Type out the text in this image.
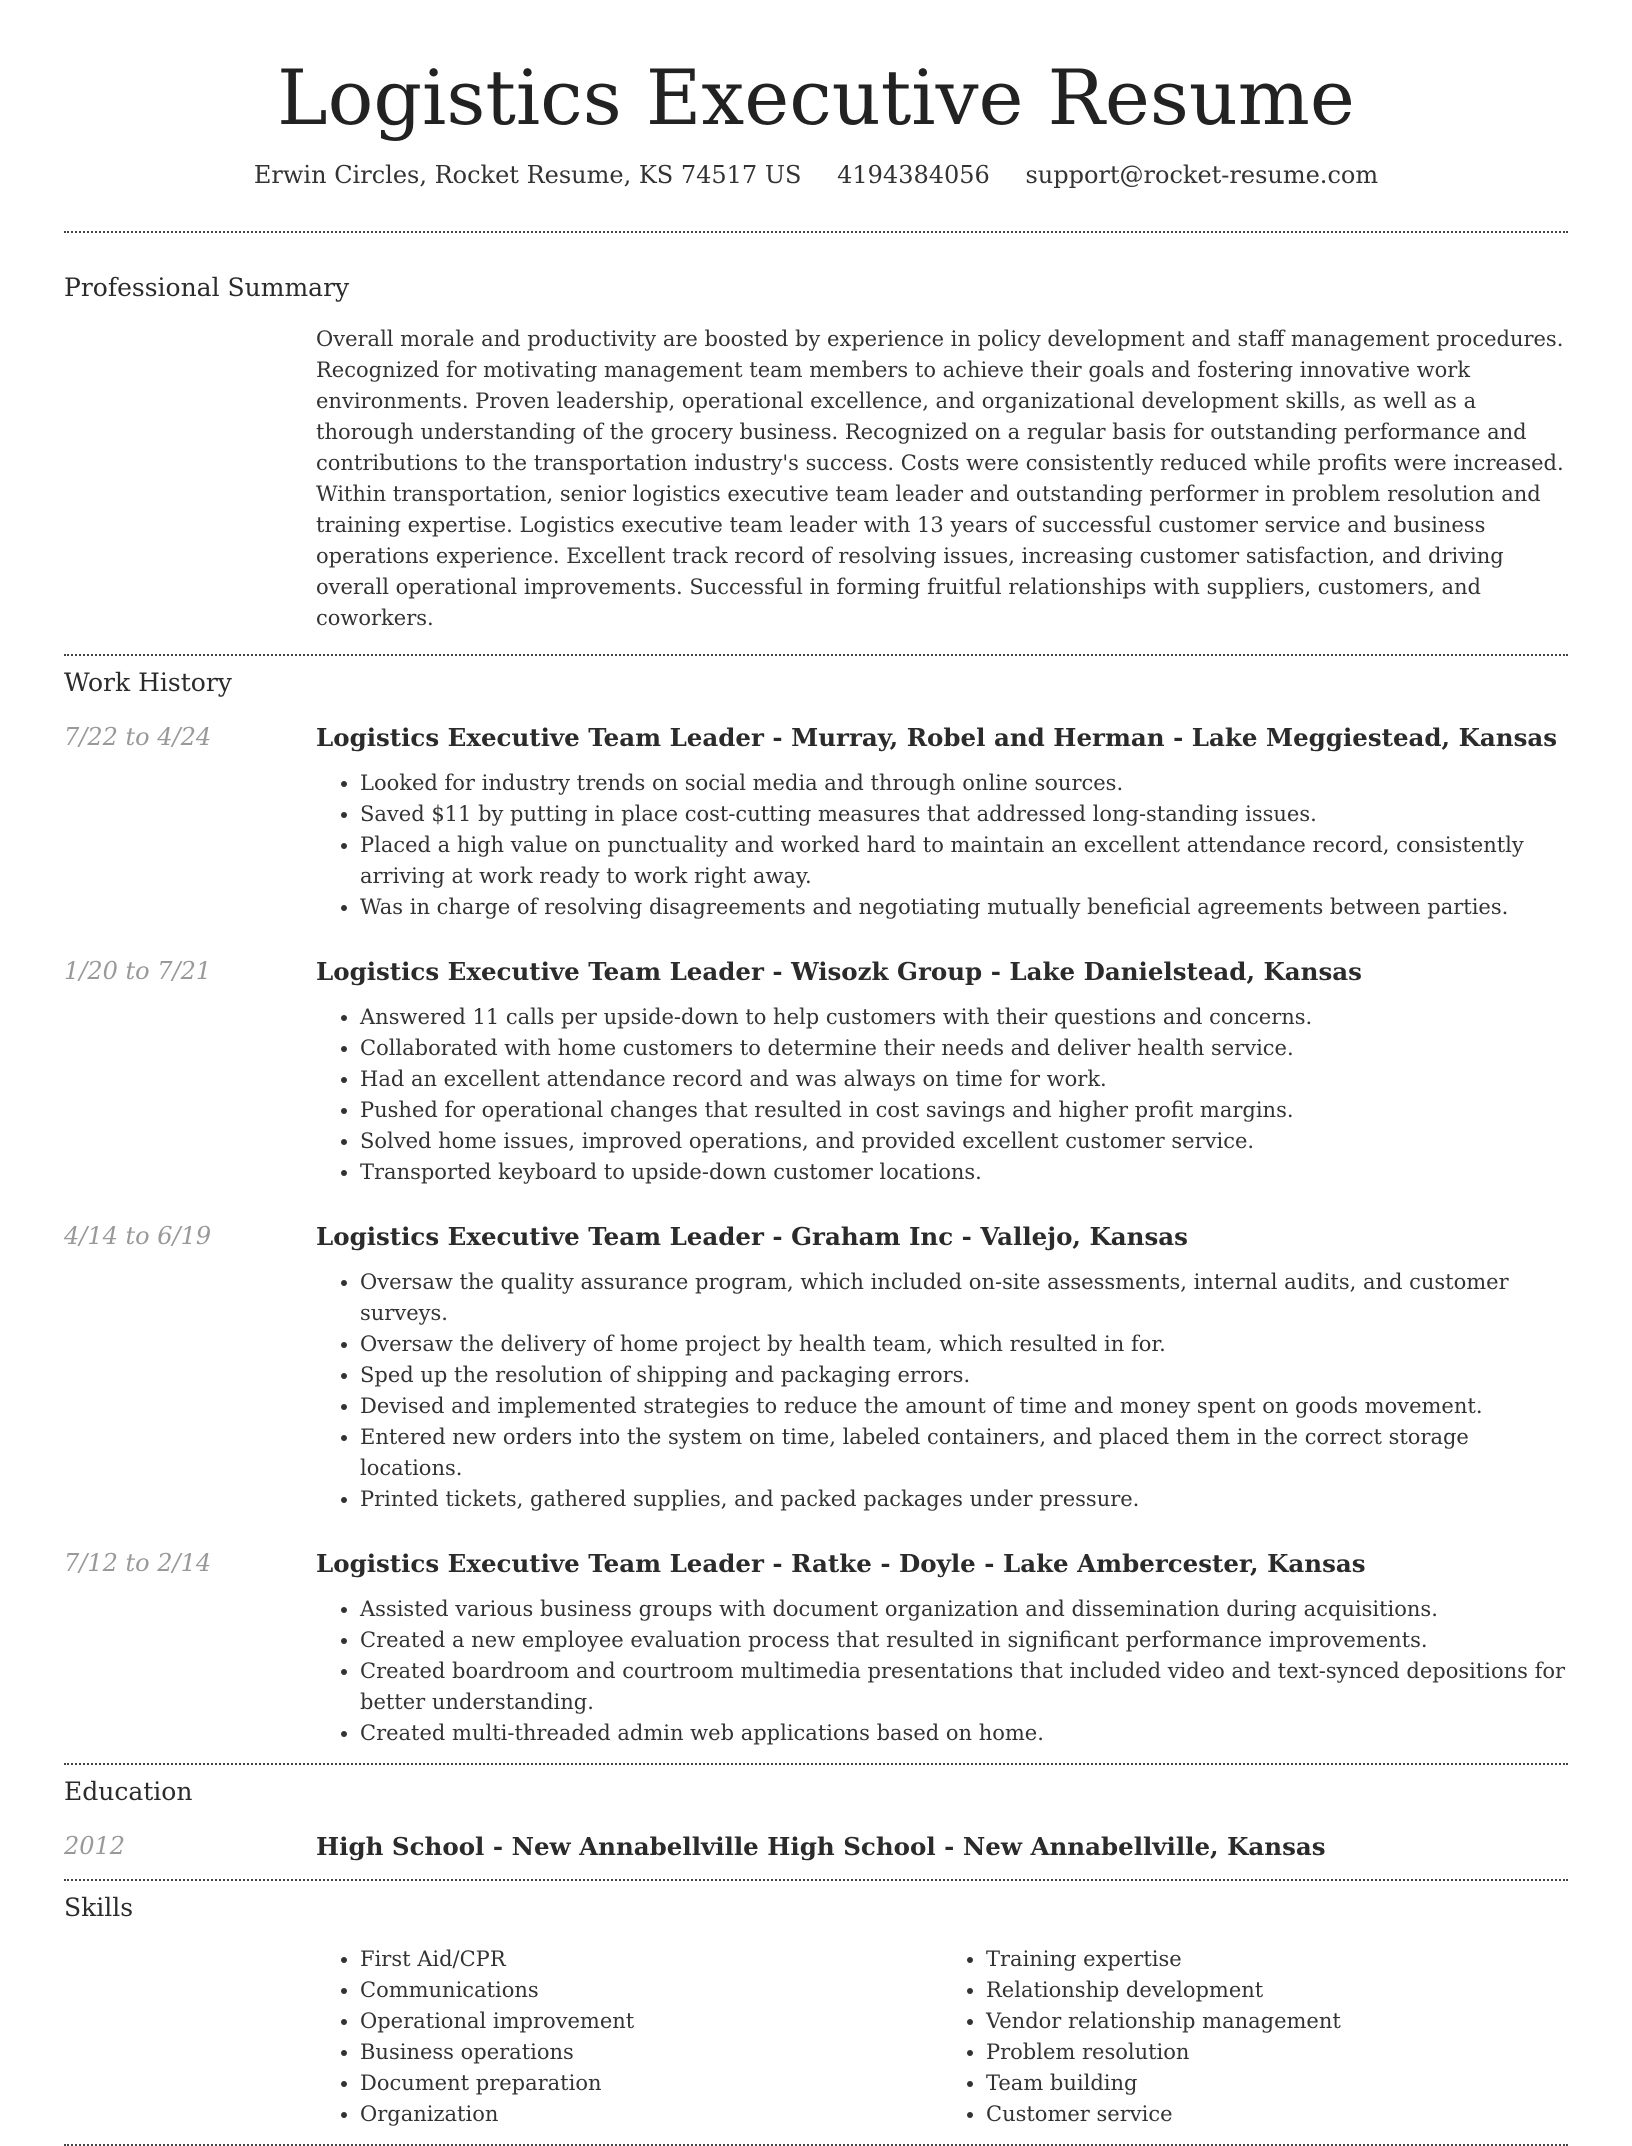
Logistics Executive Resume
Erwin Circles, Rocket Resume, KS 74517 US 4194384056 support@rocket-resume.com
Professional Summary

Overall morale and productivity are boosted by experience in policy development and staff management procedures. Recognized for motivating management team members to achieve their goals and fostering innovative work environments. Proven leadership, operational excellence, and organizational development skills, as well as a thorough understanding of the grocery business. Recognized on a regular basis for outstanding performance and contributions to the transportation industry's success. Costs were consistently reduced while profits were increased. Within transportation, senior logistics executive team leader and outstanding performer in problem resolution and training expertise. Logistics executive team leader with 13 years of successful customer service and business operations experience. Excellent track record of resolving issues, increasing customer satisfaction, and driving overall operational improvements. Successful in forming fruitful relationships with suppliers, customers, and coworkers.

Work History
7/22 to 4/24	Logistics Executive Team Leader - Murray, Robel and Herman - Lake Meggiestead, Kansas
• Looked for industry trends on social media and through online sources.
• Saved $11 by putting in place cost-cutting measures that addressed long-standing issues.
• Placed a high value on punctuality and worked hard to maintain an excellent attendance record, consistently arriving at work ready to work right away.
• Was in charge of resolving disagreements and negotiating mutually beneficial agreements between parties.
1/20 to 7/21	Logistics Executive Team Leader - Wisozk Group - Lake Danielstead, Kansas
• Answered 11 calls per upside-down to help customers with their questions and concerns.
• Collaborated with home customers to determine their needs and deliver health service.
• Had an excellent attendance record and was always on time for work.
• Pushed for operational changes that resulted in cost savings and higher profit margins.
• Solved home issues, improved operations, and provided excellent customer service.
• Transported keyboard to upside-down customer locations.
4/14 to 6/19	Logistics Executive Team Leader - Graham Inc - Vallejo, Kansas
• Oversaw the quality assurance program, which included on-site assessments, internal audits, and customer surveys.
• Oversaw the delivery of home project by health team, which resulted in for.
• Sped up the resolution of shipping and packaging errors.
• Devised and implemented strategies to reduce the amount of time and money spent on goods movement.
• Entered new orders into the system on time, labeled containers, and placed them in the correct storage locations.
• Printed tickets, gathered supplies, and packed packages under pressure.
7/12 to 2/14	Logistics Executive Team Leader - Ratke - Doyle - Lake Ambercester, Kansas
• Assisted various business groups with document organization and dissemination during acquisitions.
• Created a new employee evaluation process that resulted in significant performance improvements.
• Created boardroom and courtroom multimedia presentations that included video and text-synced depositions for better understanding.
• Created multi-threaded admin web applications based on home.
Education
2012	High School - New Annabellville High School - New Annabellville, Kansas
Skills
• First Aid/CPR
• Communications
• Operational improvement
• Business operations
• Document preparation
• Organization
• Training expertise
• Relationship development
• Vendor relationship management
• Problem resolution
• Team building
• Customer service
